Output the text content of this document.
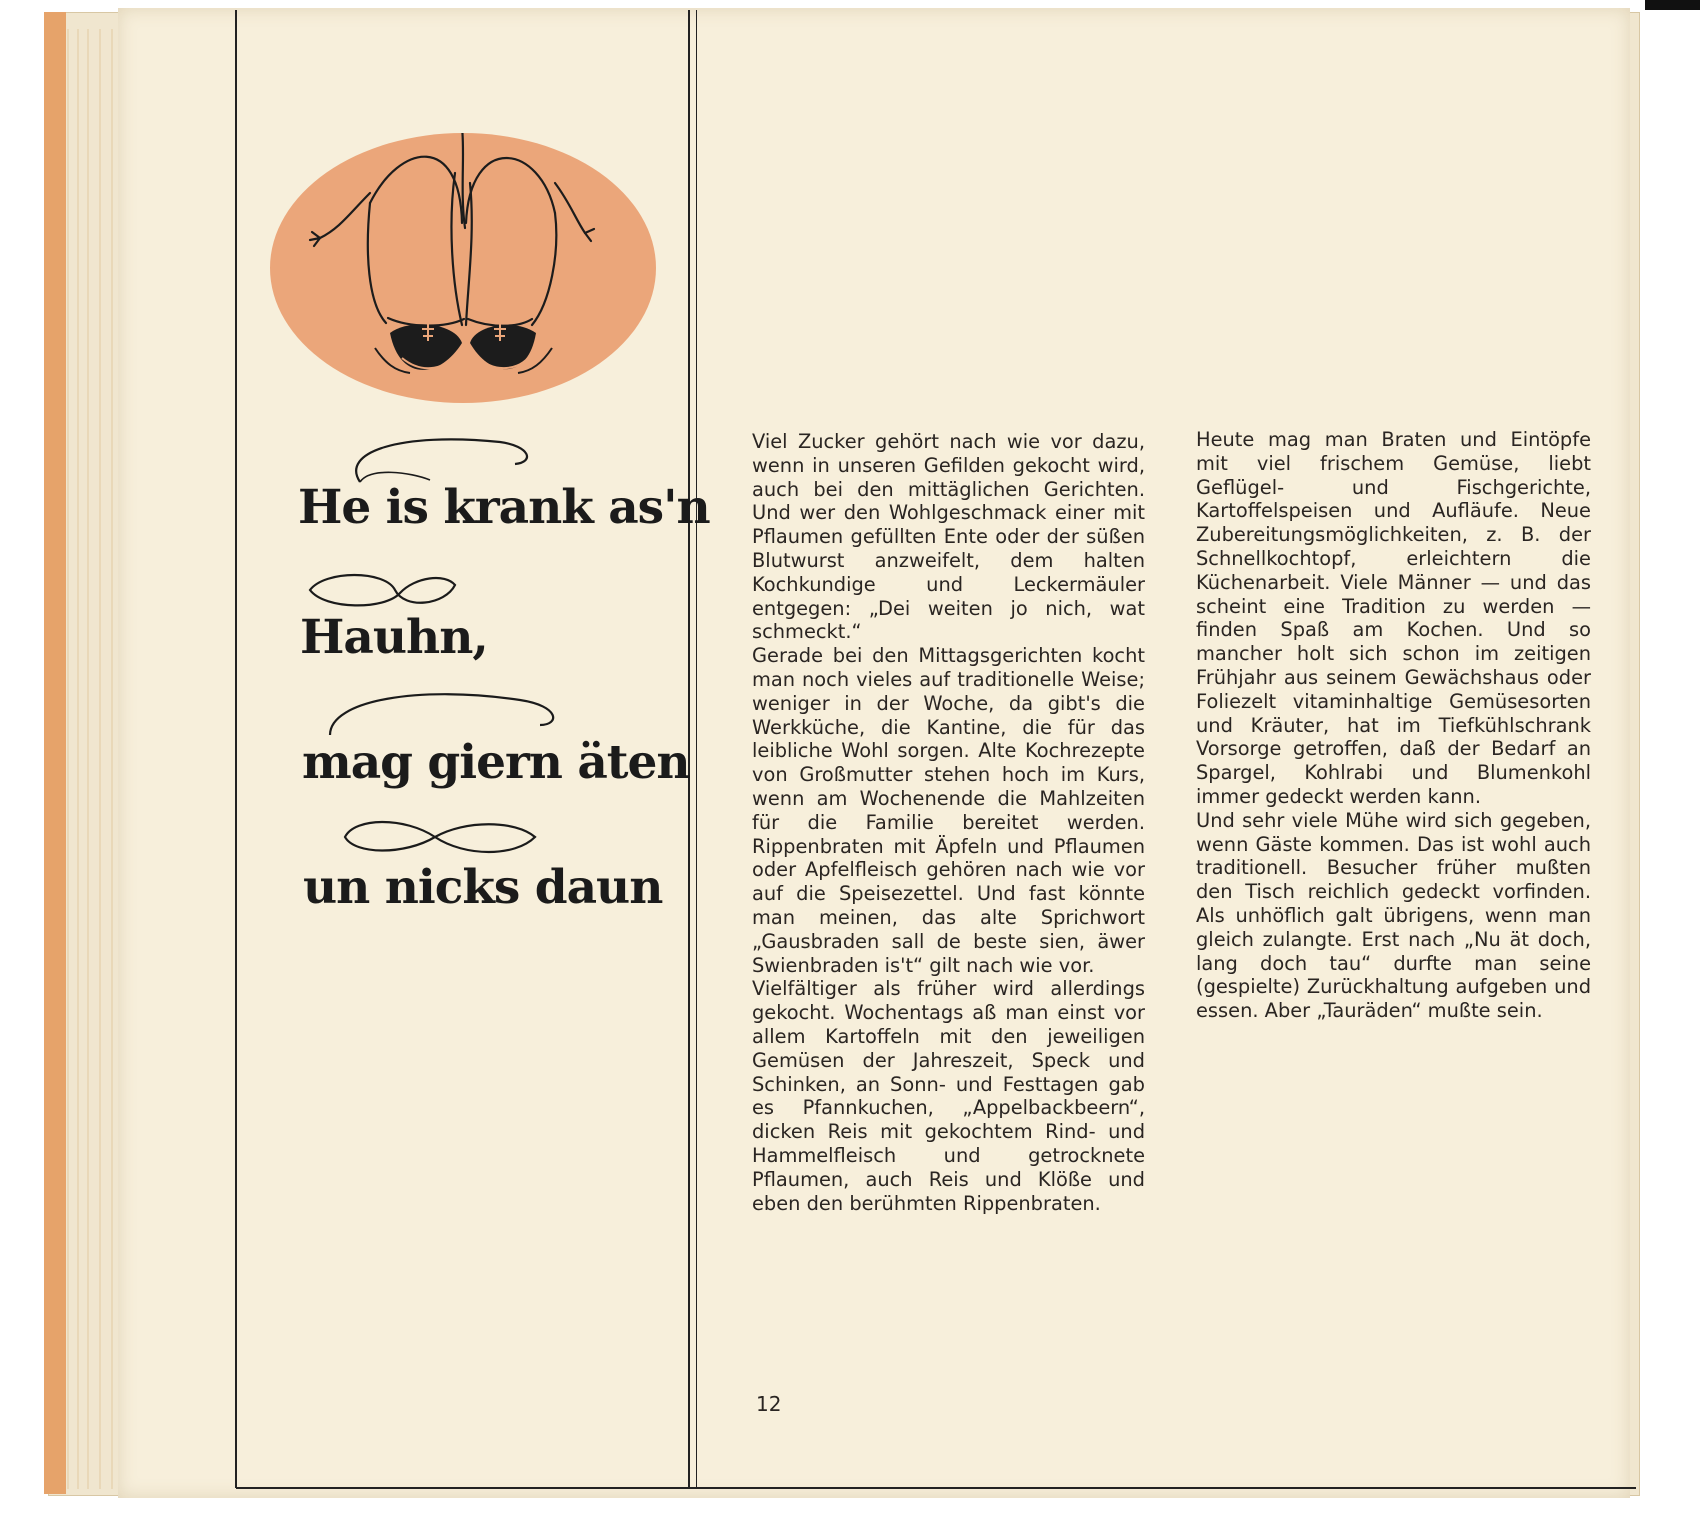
He is krank as'n
Hauhn,
mag giern äten
un nicks daun

Viel Zucker gehört nach wie vor dazu, wenn in unseren Gefilden gekocht wird, auch bei den mittäglichen Gerichten. Und wer den Wohlgeschmack einer mit Pflaumen gefüllten Ente oder der süßen Blutwurst anzweifelt, dem halten Kochkundige und Leckermäuler entgegen: „Dei weiten jo nich, wat schmeckt.“

Gerade bei den Mittagsgerichten kocht man noch vieles auf traditionelle Weise; weniger in der Woche, da gibt's die Werkküche, die Kantine, die für das leibliche Wohl sorgen. Alte Kochrezepte von Großmutter stehen hoch im Kurs, wenn am Wochenende die Mahlzeiten für die Familie bereitet werden. Rippenbraten mit Äpfeln und Pflaumen oder Apfelfleisch gehören nach wie vor auf die Speisezettel. Und fast könnte man meinen, das alte Sprichwort „Gausbraden sall de beste sien, äwer Swienbraden is't“ gilt nach wie vor.

Vielfältiger als früher wird allerdings gekocht. Wochentags aß man einst vor allem Kartoffeln mit den jeweiligen Gemüsen der Jahreszeit, Speck und Schinken, an Sonn- und Festtagen gab es Pfannkuchen, „Appelbackbeern“, dicken Reis mit gekochtem Rind- und Hammelfleisch und getrocknete Pflaumen, auch Reis und Klöße und eben den berühmten Rippenbraten.

Heute mag man Braten und Eintöpfe mit viel frischem Gemüse, liebt Geflügel- und Fischgerichte, Kartoffelspeisen und Aufläufe. Neue Zubereitungsmöglichkeiten, z. B. der Schnellkochtopf, erleichtern die Küchenarbeit. Viele Männer — und das scheint eine Tradition zu werden — finden Spaß am Kochen. Und so mancher holt sich schon im zeitigen Frühjahr aus seinem Gewächshaus oder Foliezelt vitaminhaltige Gemüsesorten und Kräuter, hat im Tiefkühlschrank Vorsorge getroffen, daß der Bedarf an Spargel, Kohlrabi und Blumenkohl immer gedeckt werden kann.

Und sehr viele Mühe wird sich gegeben, wenn Gäste kommen. Das ist wohl auch traditionell. Besucher früher mußten den Tisch reichlich gedeckt vorfinden. Als unhöflich galt übrigens, wenn man gleich zulangte. Erst nach „Nu ät doch, lang doch tau“ durfte man seine (gespielte) Zurückhaltung aufgeben und essen. Aber „Tauräden“ mußte sein.

12
